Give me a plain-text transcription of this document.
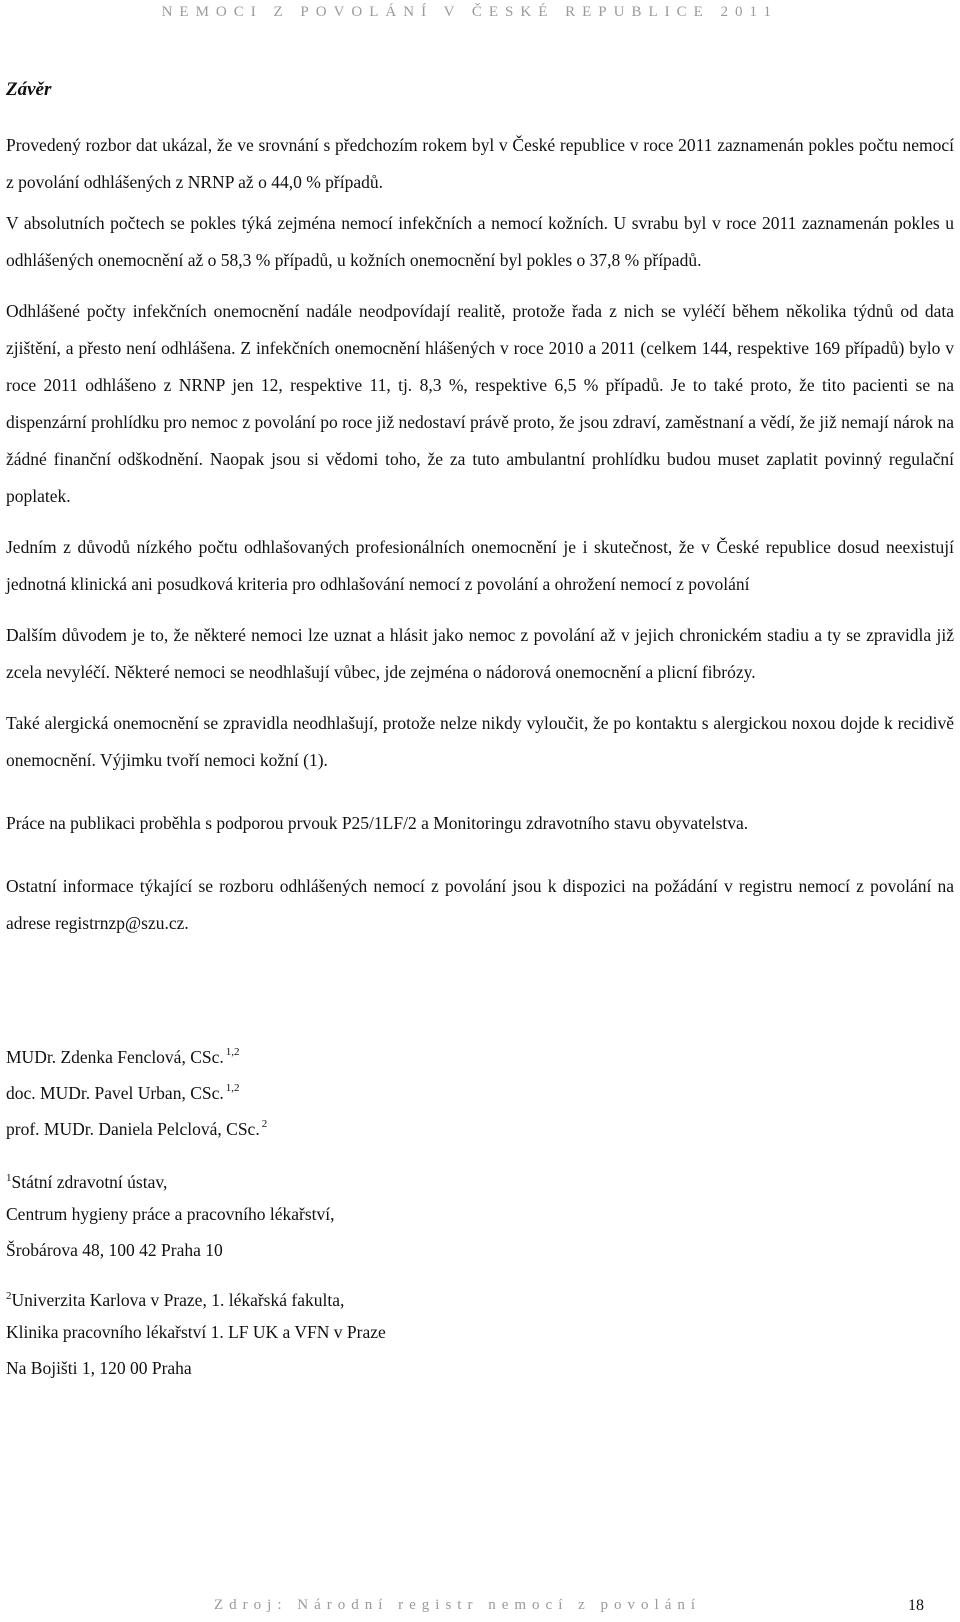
NEMOCI Z POVOLÁNÍ V ČESKÉ REPUBLICE 2011
Závěr

Provedený rozbor dat ukázal, že ve srovnání s předchozím rokem byl v České republice v roce 2011 zaznamenán pokles počtu nemocí z povolání odhlášených z NRNP až o 44,0 % případů.

V absolutních počtech se pokles týká zejména nemocí infekčních a nemocí kožních. U svrabu byl v roce 2011 zaznamenán pokles u odhlášených onemocnění až o 58,3 % případů, u kožních onemocnění byl pokles o 37,8 % případů.

Odhlášené počty infekčních onemocnění nadále neodpovídají realitě, protože řada z nich se vyléčí během několika týdnů od data zjištění, a přesto není odhlášena. Z infekčních onemocnění hlášených v roce 2010 a 2011 (celkem 144, respektive 169 případů) bylo v roce 2011 odhlášeno z NRNP jen 12, respektive 11, tj. 8,3 %, respektive 6,5 % případů. Je to také proto, že tito pacienti se na dispenzární prohlídku pro nemoc z povolání po roce již nedostaví právě proto, že jsou zdraví, zaměstnaní a vědí, že již nemají nárok na žádné finanční odškodnění. Naopak jsou si vědomi toho, že za tuto ambulantní prohlídku budou muset zaplatit povinný regulační poplatek.

Jedním z důvodů nízkého počtu odhlašovaných profesionálních onemocnění je i skutečnost, že v České republice dosud neexistují jednotná klinická ani posudková kriteria pro odhlašování nemocí z povolání a ohrožení nemocí z povolání

Dalším důvodem je to, že některé nemoci lze uznat a hlásit jako nemoc z povolání až v jejich chronickém stadiu a ty se zpravidla již zcela nevyléčí. Některé nemoci se neodhlašují vůbec, jde zejména o nádorová onemocnění a plicní fibrózy.

Také alergická onemocnění se zpravidla neodhlašují, protože nelze nikdy vyloučit, že po kontaktu s alergickou noxou dojde k recidivě onemocnění. Výjimku tvoří nemoci kožní (1).

Práce na publikaci proběhla s podporou prvouk P25/1LF/2 a Monitoringu zdravotního stavu obyvatelstva.

Ostatní informace týkající se rozboru odhlášených nemocí z povolání jsou k dispozici na požádání v registru nemocí z povolání na adrese registrnzp@szu.cz.

MUDr. Zdenka Fenclová, CSc. $^{1,2}$
doc. MUDr. Pavel Urban, CSc. $^{1,2}$
prof. MUDr. Daniela Pelclová, CSc. $^2$
$^1$Státní zdravotní ústav,
Centrum hygieny práce a pracovního lékařství,
Šrobárova 48, 100 42 Praha 10
$^2$Univerzita Karlova v Praze, 1. lékařská fakulta,
Klinika pracovního lékařství 1. LF UK a VFN v Praze
Na Bojišti 1, 120 00 Praha
Zdroj: Národní registr nemocí z povolání	18
